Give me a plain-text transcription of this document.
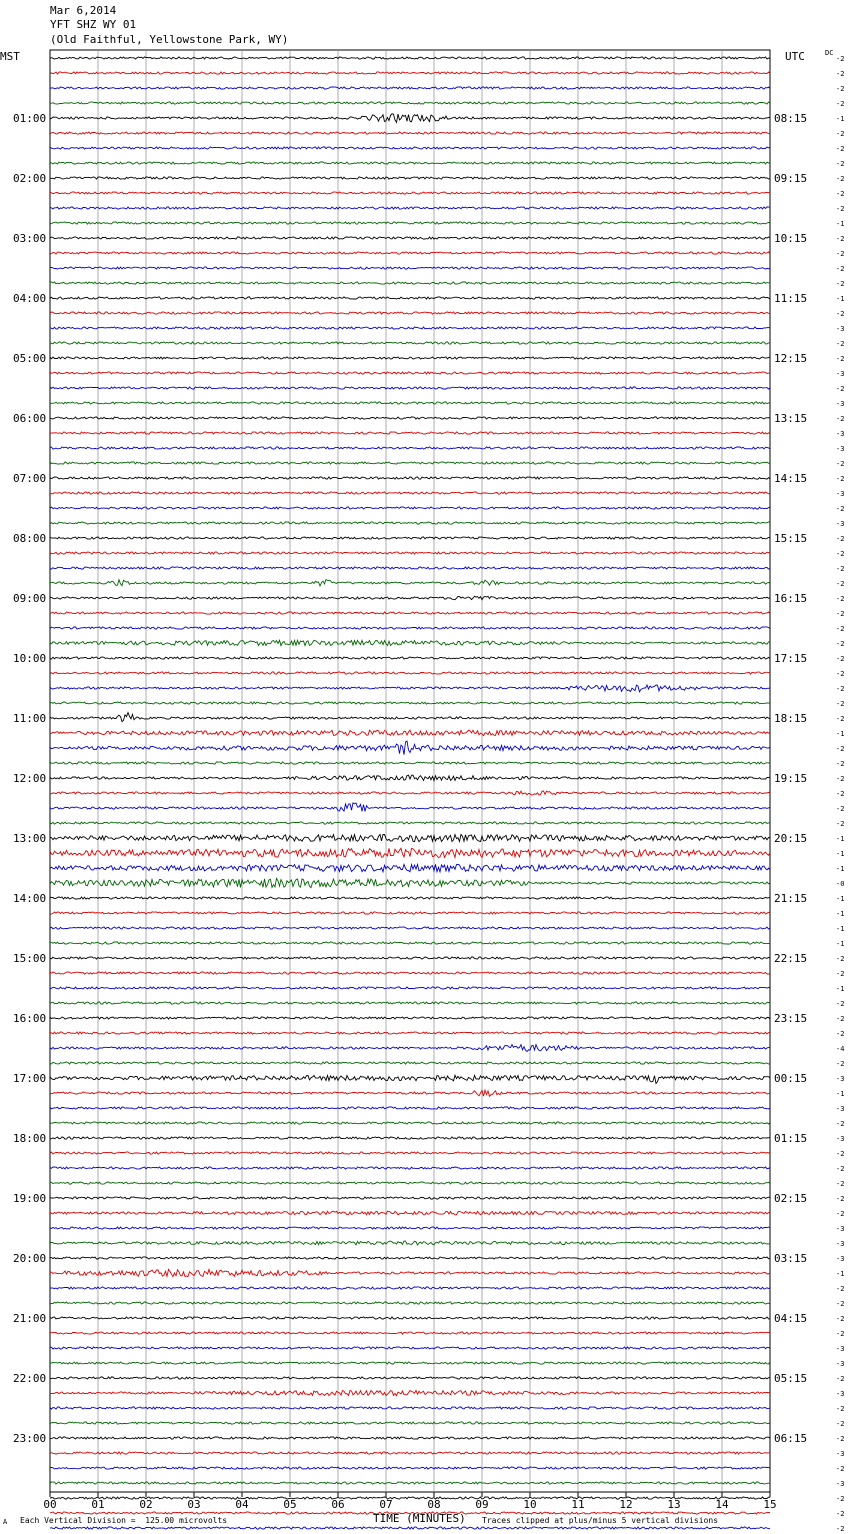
Mar 6,2014
YFT SHZ WY 01
(Old Faithful, Yellowstone Park, WY)
MST	UTC	DC
01:00	08:15
02:00	09:15
03:00	10:15
04:00	11:15
05:00	12:15
06:00	13:15
07:00	14:15
08:00	15:15
09:00	16:15
10:00	17:15
11:00	18:15
12:00	19:15
13:00	20:15
14:00	21:15
15:00	22:15
16:00	23:15
17:00	00:15
18:00	01:15
19:00	02:15
20:00	03:15
21:00	04:15
22:00	05:15
23:00	06:15
-2
-2
-2
-2
-1
-2
-2
-2
-2
-2
-2
-1
-2
-2
-2
-2
-1
-2
-3
-2
-2
-3
-2
-3
-2
-3
-3
-2
-2
-3
-2
-3
-2
-2
-2
-2
-2
-2
-2
-2
-2
-2
-2
-2
-2
-1
-2
-2
-2
-2
-2
-2
-1
-1
-1
-0
-1
-1
-1
-1
-2
-2
-1
-2
-2
-2
-4
-2
-3
-1
-3
-2
-3
-2
-2
-2
-2
-2
-3
-3
-3
-1
-2
-2
-2
-2
-3
-3
-2
-3
-2
-2
-2
-3
-2
-3
-2
-2
-2
00	01	02	03	04	05	06	07	08	09	10	11	12	13	14	15
A Each Vertical Division =  125.00 microvolts	TIME (MINUTES) Traces clipped at plus/minus 5 vertical divisions
